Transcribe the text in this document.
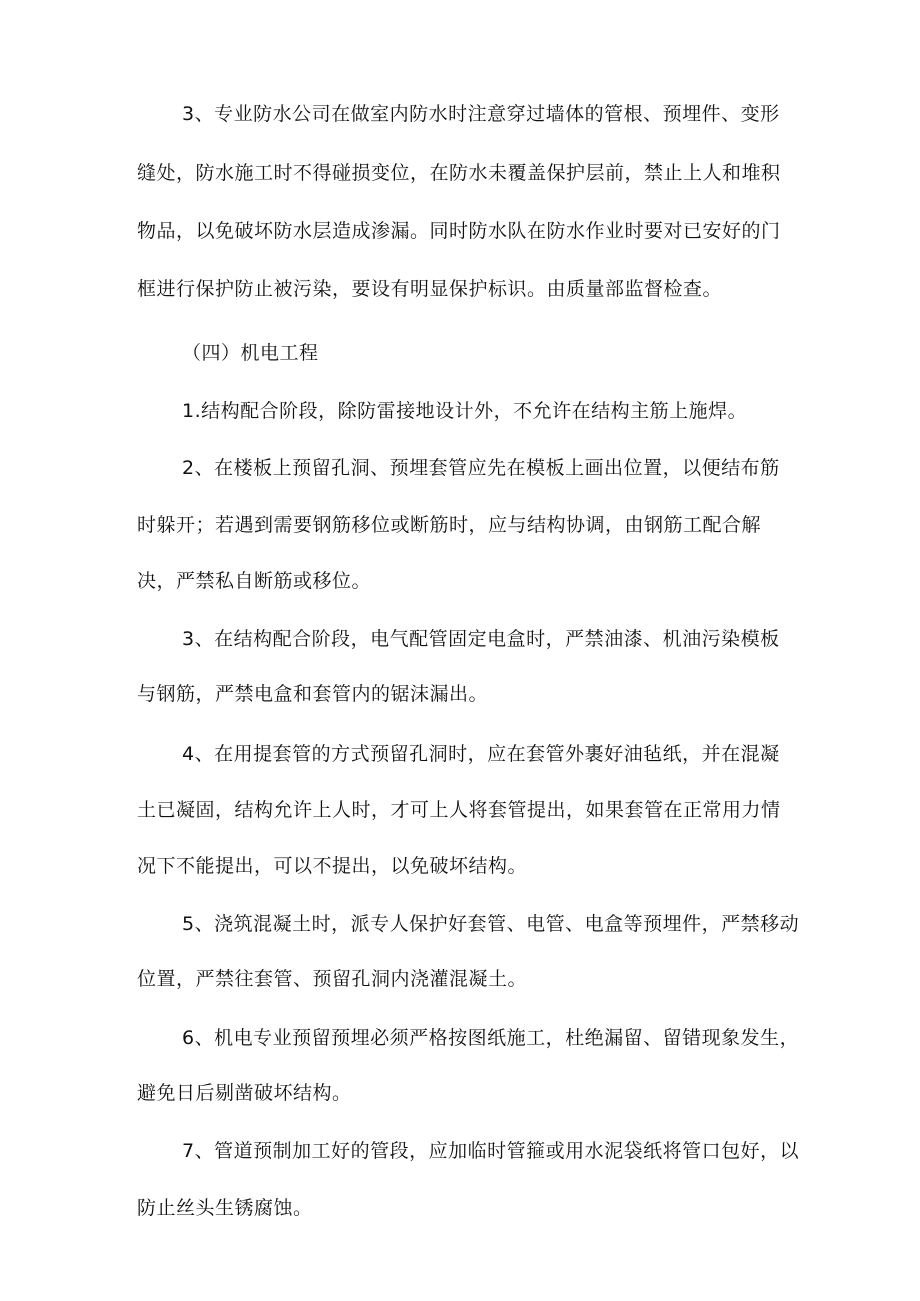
3、专业防水公司在做室内防水时注意穿过墙体的管根、预埋件、变形
缝处，防水施工时不得碰损变位，在防水未覆盖保护层前，禁止上人和堆积
物品，以免破坏防水层造成渗漏。同时防水队在防水作业时要对已安好的门
框进行保护防止被污染，要设有明显保护标识。由质量部监督检查。
（四）机电工程
1.结构配合阶段，除防雷接地设计外，不允许在结构主筋上施焊。
2、在楼板上预留孔洞、预埋套管应先在模板上画出位置，以便结布筋
时躲开；若遇到需要钢筋移位或断筋时，应与结构协调，由钢筋工配合解
决，严禁私自断筋或移位。
3、在结构配合阶段，电气配管固定电盒时，严禁油漆、机油污染模板
与钢筋，严禁电盒和套管内的锯沫漏出。
4、在用提套管的方式预留孔洞时，应在套管外裹好油毡纸，并在混凝
土已凝固，结构允许上人时，才可上人将套管提出，如果套管在正常用力情
况下不能提出，可以不提出，以免破坏结构。
5、浇筑混凝土时，派专人保护好套管、电管、电盒等预埋件，严禁移动
位置，严禁往套管、预留孔洞内浇灌混凝土。
6、机电专业预留预埋必须严格按图纸施工，杜绝漏留、留错现象发生，
避免日后剔凿破坏结构。
7、管道预制加工好的管段，应加临时管箍或用水泥袋纸将管口包好，以
防止丝头生锈腐蚀。
